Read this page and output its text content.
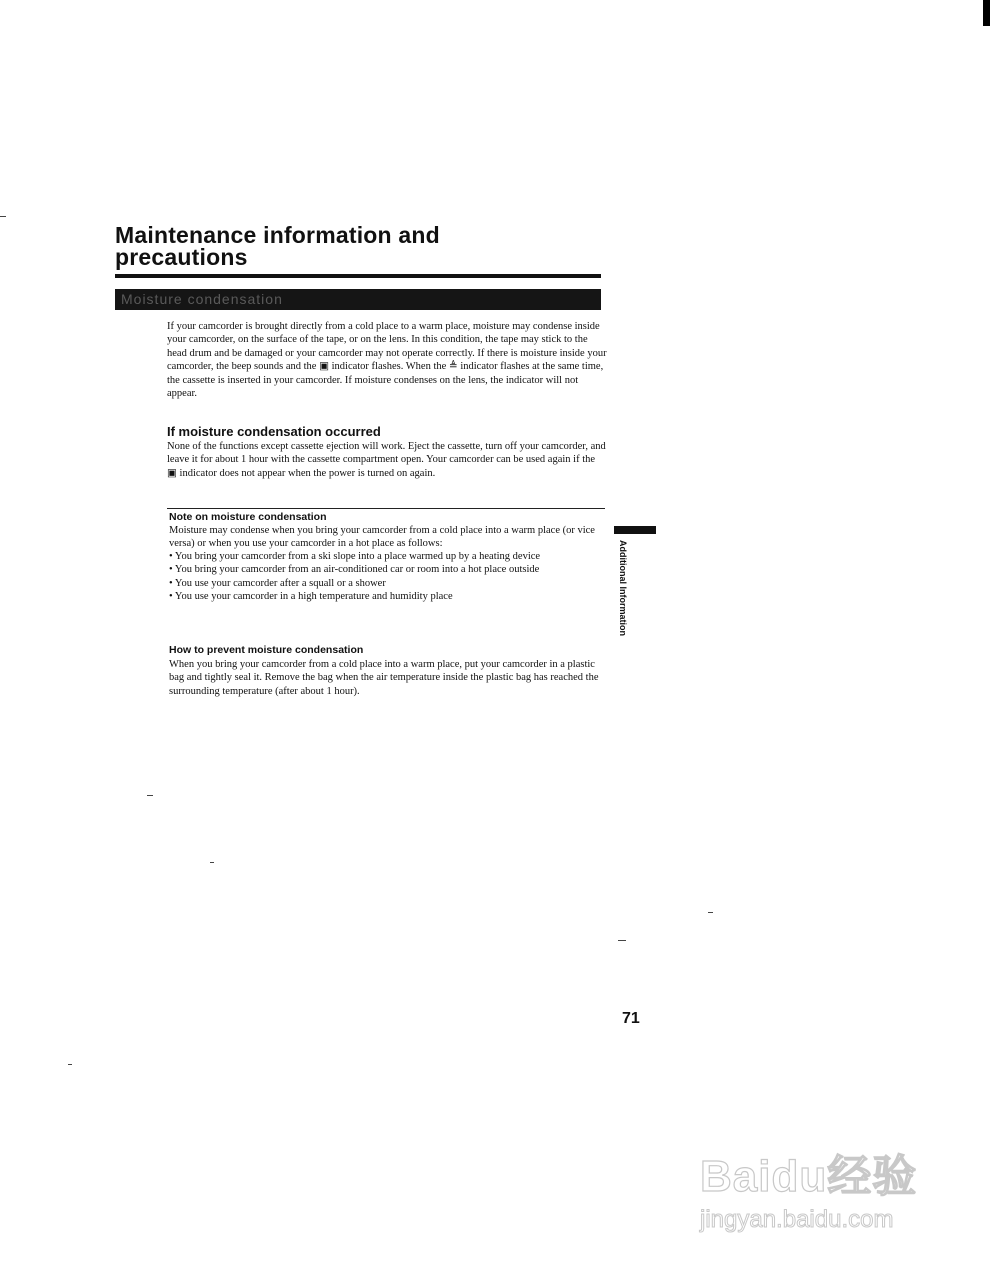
Maintenance information and
precautions
Moisture condensation
If your camcorder is brought directly from a cold place to a warm place, moisture may condense inside your camcorder, on the surface of the tape, or on the lens. In this condition, the tape may stick to the head drum and be damaged or your camcorder may not operate correctly. If there is moisture inside your camcorder, the beep sounds and the ▣ indicator flashes. When the ≜ indicator flashes at the same time, the cassette is inserted in your camcorder. If moisture condenses on the lens, the indicator will not appear.
If moisture condensation occurred
None of the functions except cassette ejection will work. Eject the cassette, turn off your camcorder, and leave it for about 1 hour with the cassette compartment open. Your camcorder can be used again if the ▣ indicator does not appear when the power is turned on again.
Note on moisture condensation
Moisture may condense when you bring your camcorder from a cold place into a warm place (or vice versa) or when you use your camcorder in a hot place as follows:
• You bring your camcorder from a ski slope into a place warmed up by a heating device
• You bring your camcorder from an air-conditioned car or room into a hot place outside
• You use your camcorder after a squall or a shower
• You use your camcorder in a high temperature and humidity place
How to prevent moisture condensation
When you bring your camcorder from a cold place into a warm place, put your camcorder in a plastic bag and tightly seal it. Remove the bag when the air temperature inside the plastic bag has reached the surrounding temperature (after about 1 hour).
Additional Information
71
Baidu经验
jingyan.baidu.com
